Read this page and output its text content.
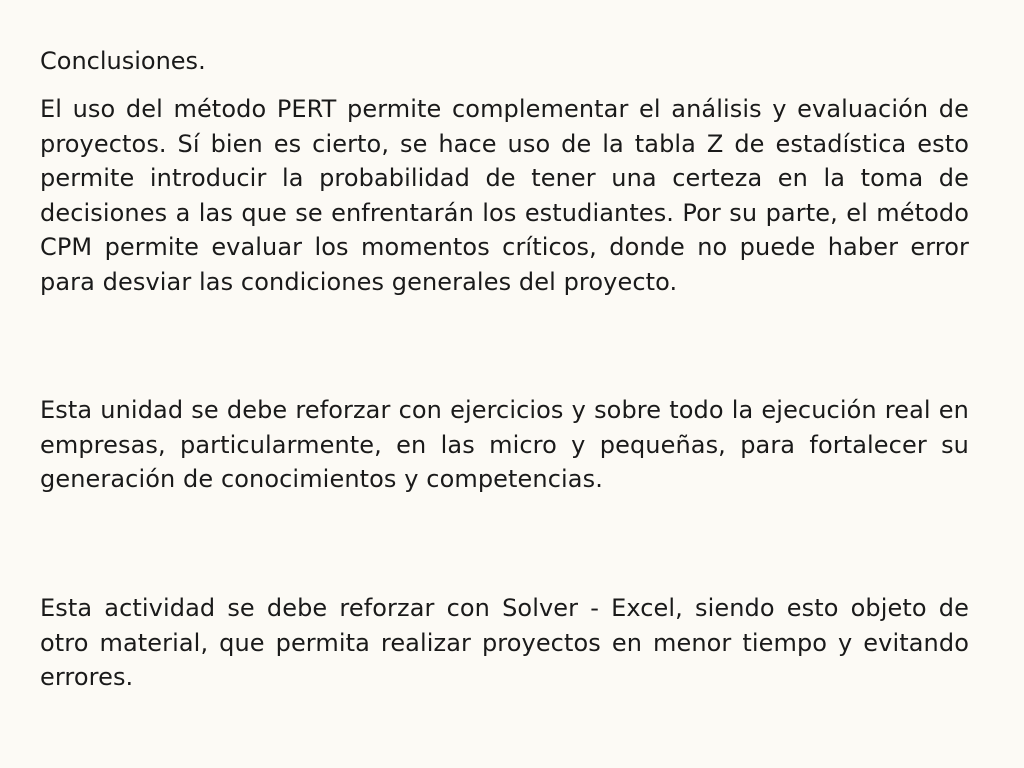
Conclusiones.

El uso del método PERT permite complementar el análisis y evaluación de proyectos. Sí bien es cierto, se hace uso de la tabla Z de estadística esto permite introducir la probabilidad de tener una certeza en la toma de decisiones a las que se enfrentarán los estudiantes. Por su parte, el método CPM permite evaluar los momentos críticos, donde no puede haber error para desviar las condiciones generales del proyecto.

Esta unidad se debe reforzar con ejercicios y sobre todo la ejecución real en empresas, particularmente, en las micro y pequeñas, para fortalecer su generación de conocimientos y competencias.

Esta actividad se debe reforzar con Solver - Excel, siendo esto objeto de otro material, que permita realizar proyectos en menor tiempo y evitando errores.
